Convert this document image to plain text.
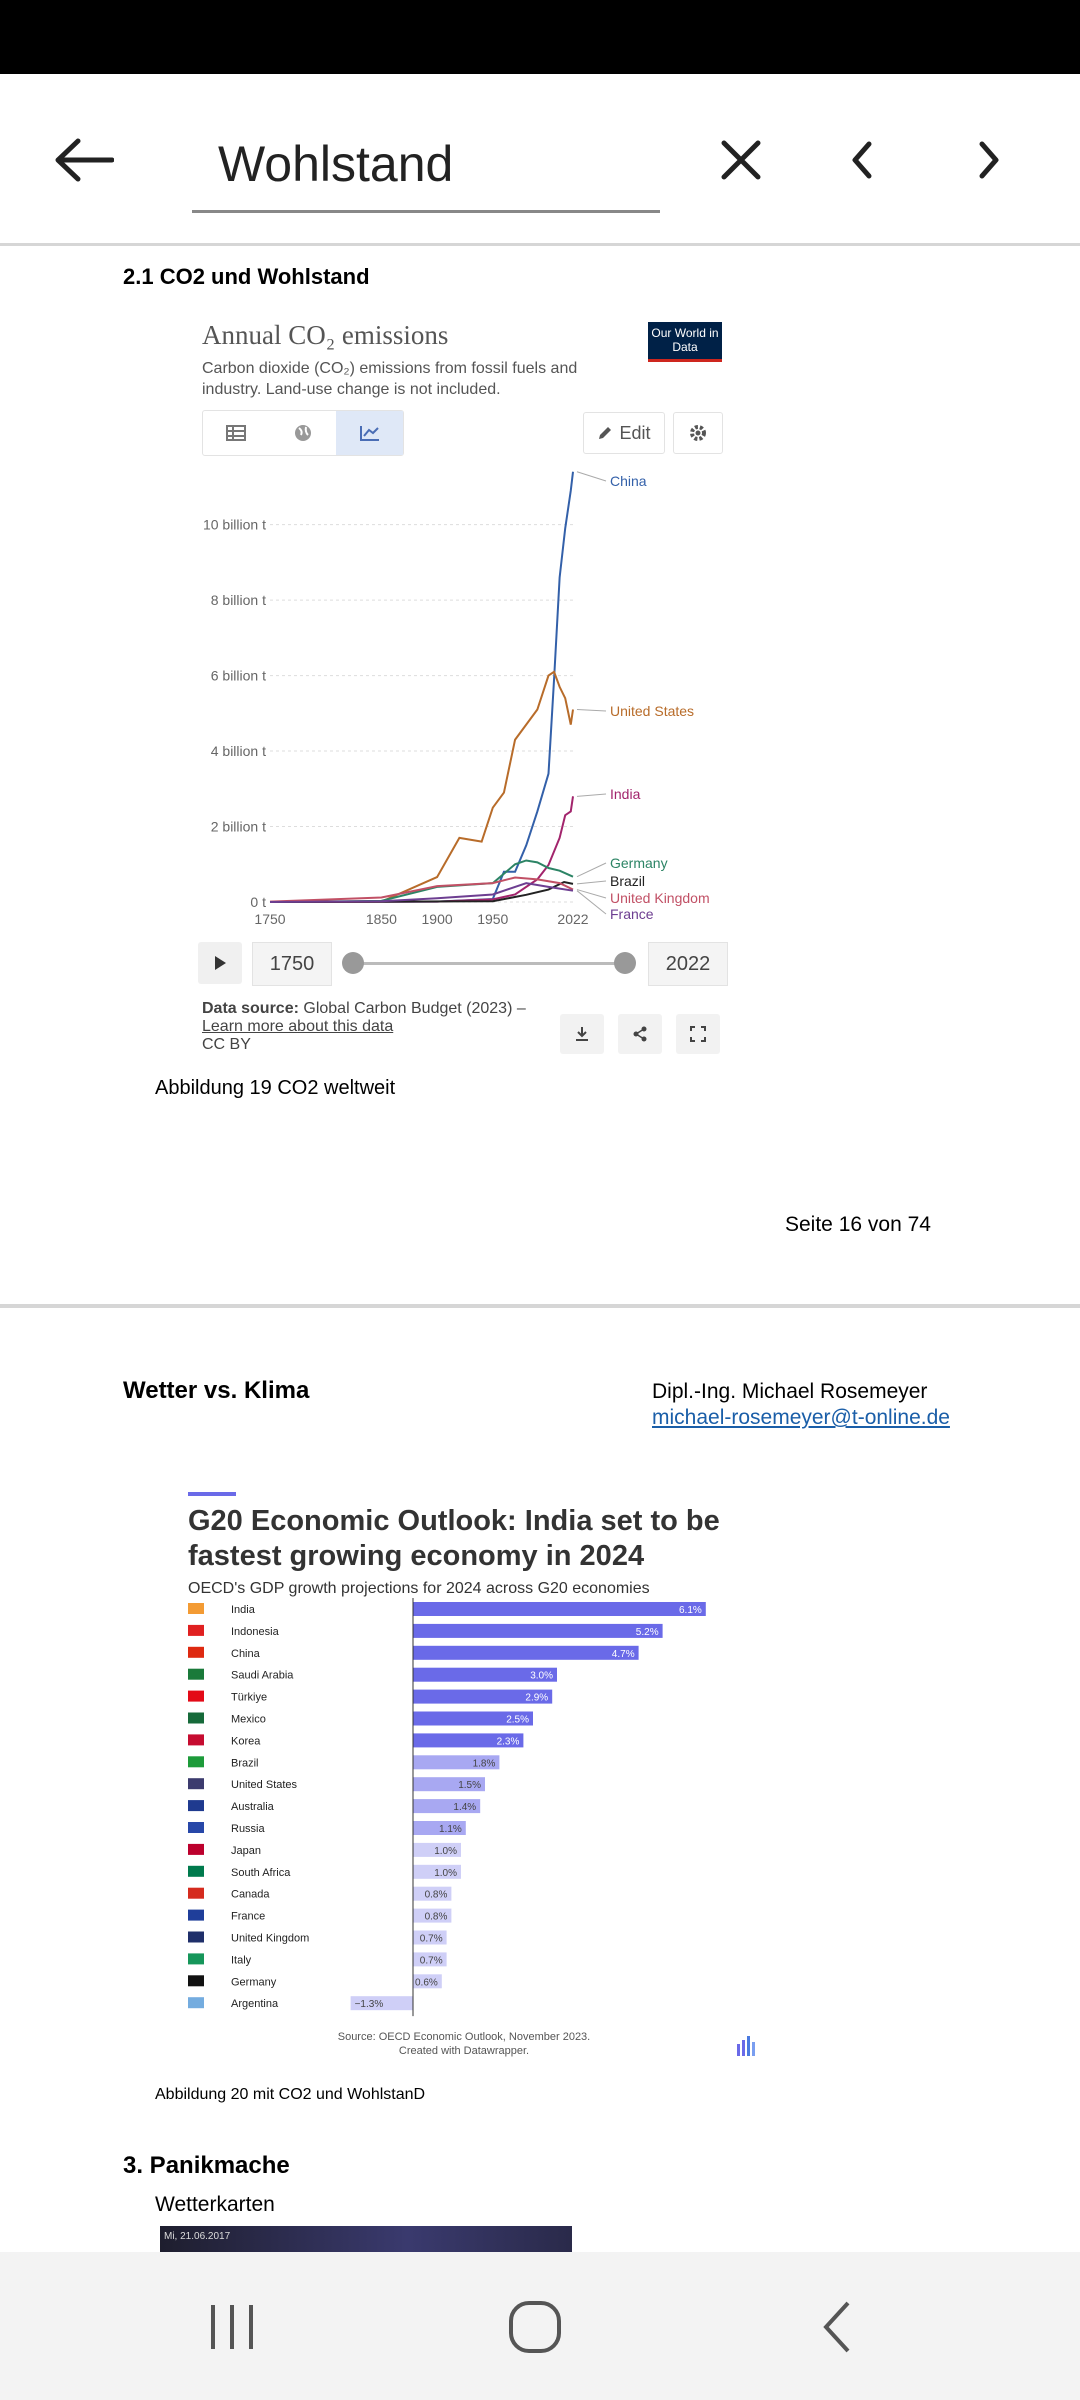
Wohlstand
2.1 CO2 und Wohlstand
Annual CO₂ emissions
Carbon dioxide (CO₂) emissions from fossil fuels and industry. Land-use change is not included.
Our World in Data
Edit
0 t
2 billion t
4 billion t
6 billion t
8 billion t
10 billion t
1750	1850 1900 1950	2022
China
United States
India
Germany
Brazil
United Kingdom
France
1750	2022
Data source: Global Carbon Budget (2023) –
Learn more about this data
CC BY
Abbildung 19 CO2 weltweit
Seite 16 von 74
Wetter vs. Klima	Dipl.-Ing. Michael Rosemeyer
michael-rosemeyer@t-online.de
G20 Economic Outlook: India set to be fastest growing economy in 2024
OECD's GDP growth projections for 2024 across G20 economies
India	6.1%
Indonesia	5.2%
China	4.7%
Saudi Arabia	3.0%
Türkiye	2.9%
Mexico	2.5%
Korea	2.3%
Brazil	1.8%
United States	1.5%
Australia	1.4%
Russia	1.1%
Japan	1.0%
South Africa	1.0%
Canada	0.8%
France	0.8%
United Kingdom	0.7%
Italy	0.7%
Germany	0.6%
Argentina	−1.3%
Source: OECD Economic Outlook, November 2023.
Created with Datawrapper.
Abbildung 20 mit CO2 und WohlstanD
3. Panikmache
Wetterkarten
Mi, 21.06.2017
